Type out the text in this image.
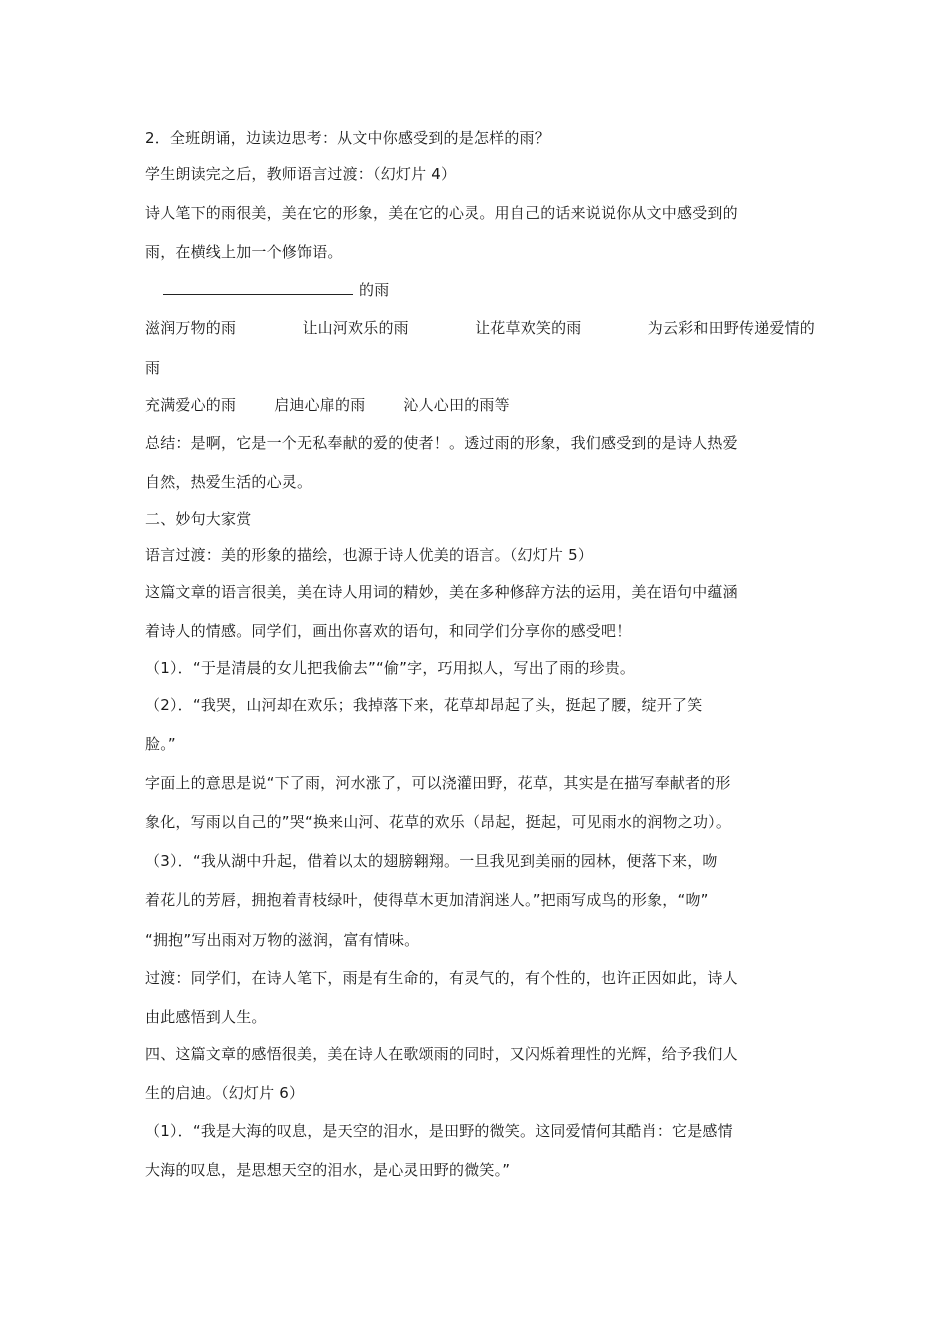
2．全班朗诵，边读边思考：从文中你感受到的是怎样的雨？
学生朗读完之后，教师语言过渡：（幻灯片 4）
诗人笔下的雨很美，美在它的形象，美在它的心灵。用自己的话来说说你从文中感受到的
雨，在横线上加一个修饰语。
的雨
滋润万物的雨	让山河欢乐的雨	让花草欢笑的雨	为云彩和田野传递爱情的
雨
充满爱心的雨	启迪心扉的雨	沁人心田的雨等
总结：是啊，它是一个无私奉献的爱的使者！。透过雨的形象，我们感受到的是诗人热爱
自然，热爱生活的心灵。
二、妙句大家赏
语言过渡：美的形象的描绘，也源于诗人优美的语言。（幻灯片 5）
这篇文章的语言很美，美在诗人用词的精妙，美在多种修辞方法的运用，美在语句中蕴涵
着诗人的情感。同学们，画出你喜欢的语句，和同学们分享你的感受吧！
（1）．“于是清晨的女儿把我偷去”“偷”字，巧用拟人，写出了雨的珍贵。
（2）．“我哭，山河却在欢乐；我掉落下来，花草却昂起了头，挺起了腰，绽开了笑
脸。”
字面上的意思是说“下了雨，河水涨了，可以浇灌田野，花草，其实是在描写奉献者的形
象化，写雨以自己的”哭“换来山河、花草的欢乐（昂起，挺起，可见雨水的润物之功）。
（3）．“我从湖中升起，借着以太的翅膀翱翔。一旦我见到美丽的园林，便落下来，吻
着花儿的芳唇，拥抱着青枝绿叶，使得草木更加清润迷人。”把雨写成鸟的形象，“吻”
“拥抱”写出雨对万物的滋润，富有情味。
过渡：同学们，在诗人笔下，雨是有生命的，有灵气的，有个性的，也许正因如此，诗人
由此感悟到人生。
四、这篇文章的感悟很美，美在诗人在歌颂雨的同时，又闪烁着理性的光辉，给予我们人
生的启迪。（幻灯片 6）
（1）．“我是大海的叹息，是天空的泪水，是田野的微笑。这同爱情何其酷肖：它是感情
大海的叹息，是思想天空的泪水，是心灵田野的微笑。”
